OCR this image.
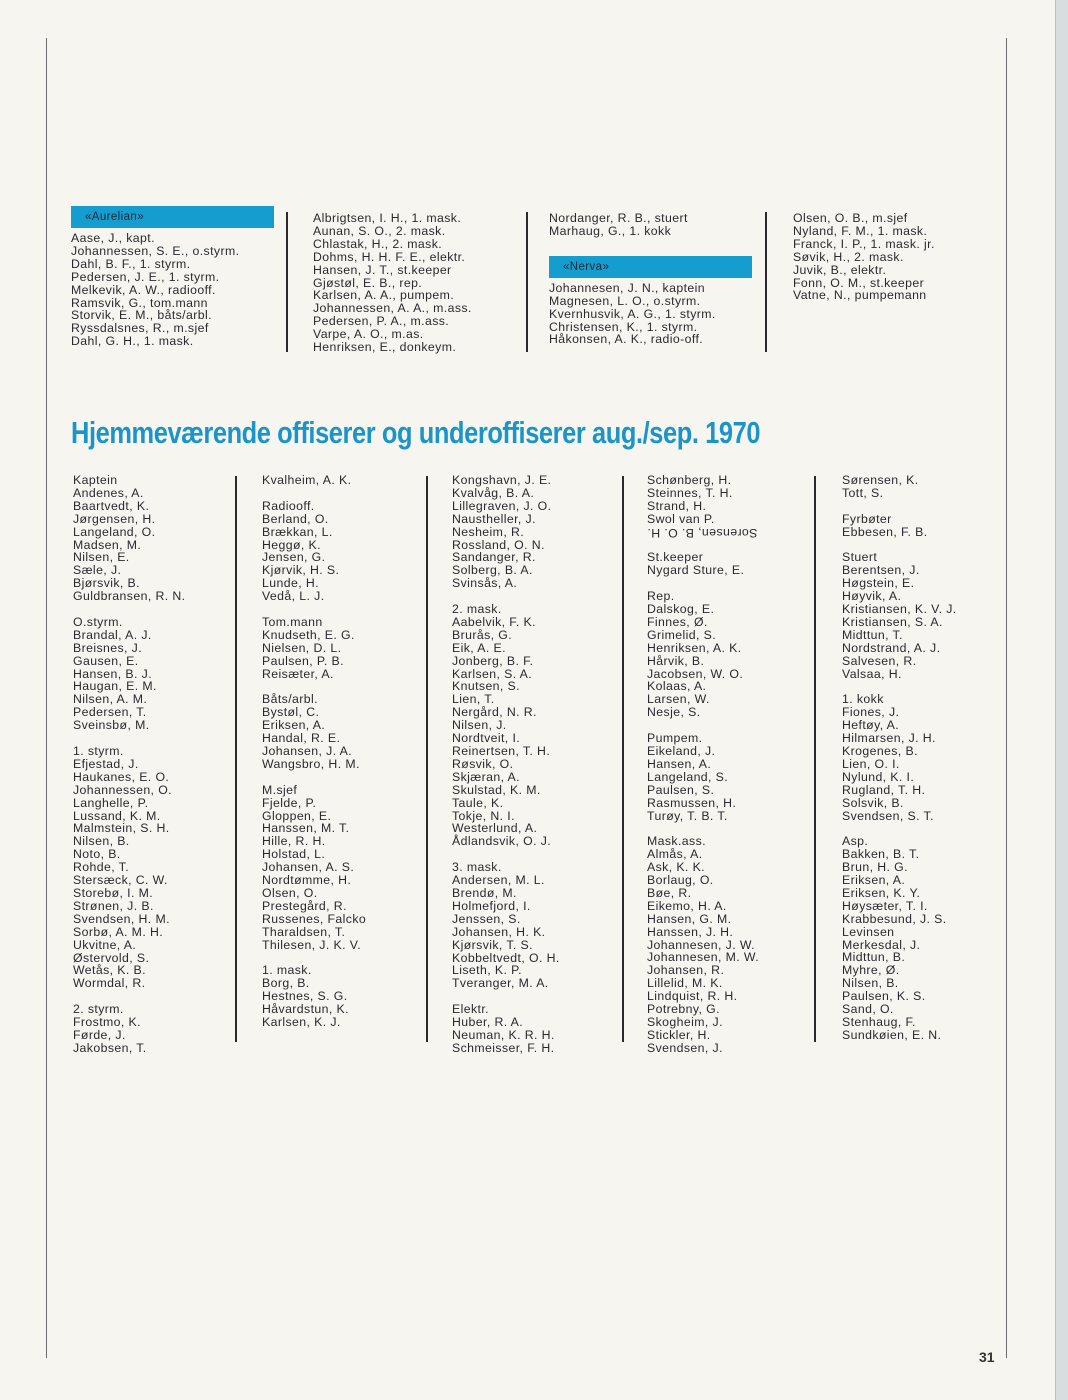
«Aurelian»
Aase, J., kapt.
Johannessen, S. E., o.styrm.
Dahl, B. F., 1. styrm.
Pedersen, J. E., 1. styrm.
Melkevik, A. W., radiooff.
Ramsvik, G., tom.mann
Storvik, E. M., båts/arbl.
Ryssdalsnes, R., m.sjef
Dahl, G. H., 1. mask.
Albrigtsen, I. H., 1. mask.
Aunan, S. O., 2. mask.
Chlastak, H., 2. mask.
Dohms, H. H. F. E., elektr.
Hansen, J. T., st.keeper
Gjøstøl, E. B., rep.
Karlsen, A. A., pumpem.
Johannessen, A. A., m.ass.
Pedersen, P. A., m.ass.
Varpe, A. O., m.as.
Henriksen, E., donkeym.
Nordanger, R. B., stuert
Marhaug, G., 1. kokk
«Nerva»
Johannesen, J. N., kaptein
Magnesen, L. O., o.styrm.
Kvernhusvik, A. G., 1. styrm.
Christensen, K., 1. styrm.
Håkonsen, A. K., radio-off.
Olsen, O. B., m.sjef
Nyland, F. M., 1. mask.
Franck, I. P., 1. mask. jr.
Søvik, H., 2. mask.
Juvik, B., elektr.
Fonn, O. M., st.keeper
Vatne, N., pumpemann
Hjemmeværende offiserer og underoffiserer aug./sep. 1970
Kaptein
Andenes, A.
Baartvedt, K.
Jørgensen, H.
Langeland, O.
Madsen, M.
Nilsen, E.
Sæle, J.
Bjørsvik, B.
Guldbransen, R. N.
O.styrm.
Brandal, A. J.
Breisnes, J.
Gausen, E.
Hansen, B. J.
Haugan, E. M.
Nilsen, A. M.
Pedersen, T.
Sveinsbø, M.
1. styrm.
Efjestad, J.
Haukanes, E. O.
Johannessen, O.
Langhelle, P.
Lussand, K. M.
Malmstein, S. H.
Nilsen, B.
Noto, B.
Rohde, T.
Stersæck, C. W.
Storebø, I. M.
Strønen, J. B.
Svendsen, H. M.
Sorbø, A. M. H.
Ukvitne, A.
Østervold, S.
Wetås, K. B.
Wormdal, R.
2. styrm.
Frostmo, K.
Førde, J.
Jakobsen, T.
Kvalheim, A. K.
Radiooff.
Berland, O.
Brækkan, L.
Heggø, K.
Jensen, G.
Kjørvik, H. S.
Lunde, H.
Vedå, L. J.
Tom.mann
Knudseth, E. G.
Nielsen, D. L.
Paulsen, P. B.
Reisæter, A.
Båts/arbl.
Bystøl, C.
Eriksen, A.
Handal, R. E.
Johansen, J. A.
Wangsbro, H. M.
M.sjef
Fjelde, P.
Gloppen, E.
Hanssen, M. T.
Hille, R. H.
Holstad, L.
Johansen, A. S.
Nordtømme, H.
Olsen, O.
Prestegård, R.
Russenes, Falcko
Tharaldsen, T.
Thilesen, J. K. V.
1. mask.
Borg, B.
Hestnes, S. G.
Håvardstun, K.
Karlsen, K. J.
Kongshavn, J. E.
Kvalvåg, B. A.
Lillegraven, J. O.
Naustheller, J.
Nesheim, R.
Rossland, O. N.
Sandanger, R.
Solberg, B. A.
Svinsås, A.
2. mask.
Aabelvik, F. K.
Brurås, G.
Eik, A. E.
Jonberg, B. F.
Karlsen, S. A.
Knutsen, S.
Lien, T.
Nergård, N. R.
Nilsen, J.
Nordtveit, I.
Reinertsen, T. H.
Røsvik, O.
Skjæran, A.
Skulstad, K. M.
Taule, K.
Tokje, N. I.
Westerlund, A.
Ådlandsvik, O. J.
3. mask.
Andersen, M. L.
Brendø, M.
Holmefjord, I.
Jenssen, S.
Johansen, H. K.
Kjørsvik, T. S.
Kobbeltvedt, O. H.
Liseth, K. P.
Tveranger, M. A.
Elektr.
Huber, R. A.
Neuman, K. R. H.
Schmeisser, F. H.
Schønberg, H.
Steinnes, T. H.
Strand, H.
Swol van P.
Sorensen, B. O. H.
St.keeper
Nygard Sture, E.
Rep.
Dalskog, E.
Finnes, Ø.
Grimelid, S.
Henriksen, A. K.
Hårvik, B.
Jacobsen, W. O.
Kolaas, A.
Larsen, W.
Nesje, S.
Pumpem.
Eikeland, J.
Hansen, A.
Langeland, S.
Paulsen, S.
Rasmussen, H.
Turøy, T. B. T.
Mask.ass.
Almås, A.
Ask, K. K.
Borlaug, O.
Bøe, R.
Eikemo, H. A.
Hansen, G. M.
Hanssen, J. H.
Johannesen, J. W.
Johannesen, M. W.
Johansen, R.
Lillelid, M. K.
Lindquist, R. H.
Potrebny, G.
Skogheim, J.
Stickler, H.
Svendsen, J.
Sørensen, K.
Tott, S.
Fyrbøter
Ebbesen, F. B.
Stuert
Berentsen, J.
Høgstein, E.
Høyvik, A.
Kristiansen, K. V. J.
Kristiansen, S. A.
Midttun, T.
Nordstrand, A. J.
Salvesen, R.
Valsaa, H.
1. kokk
Fiones, J.
Heftøy, A.
Hilmarsen, J. H.
Krogenes, B.
Lien, O. I.
Nylund, K. I.
Rugland, T. H.
Solsvik, B.
Svendsen, S. T.
Asp.
Bakken, B. T.
Brun, H. G.
Eriksen, A.
Eriksen, K. Y.
Høysæter, T. I.
Krabbesund, J. S.
Levinsen
Merkesdal, J.
Midttun, B.
Myhre, Ø.
Nilsen, B.
Paulsen, K. S.
Sand, O.
Stenhaug, F.
Sundkøien, E. N.
31
